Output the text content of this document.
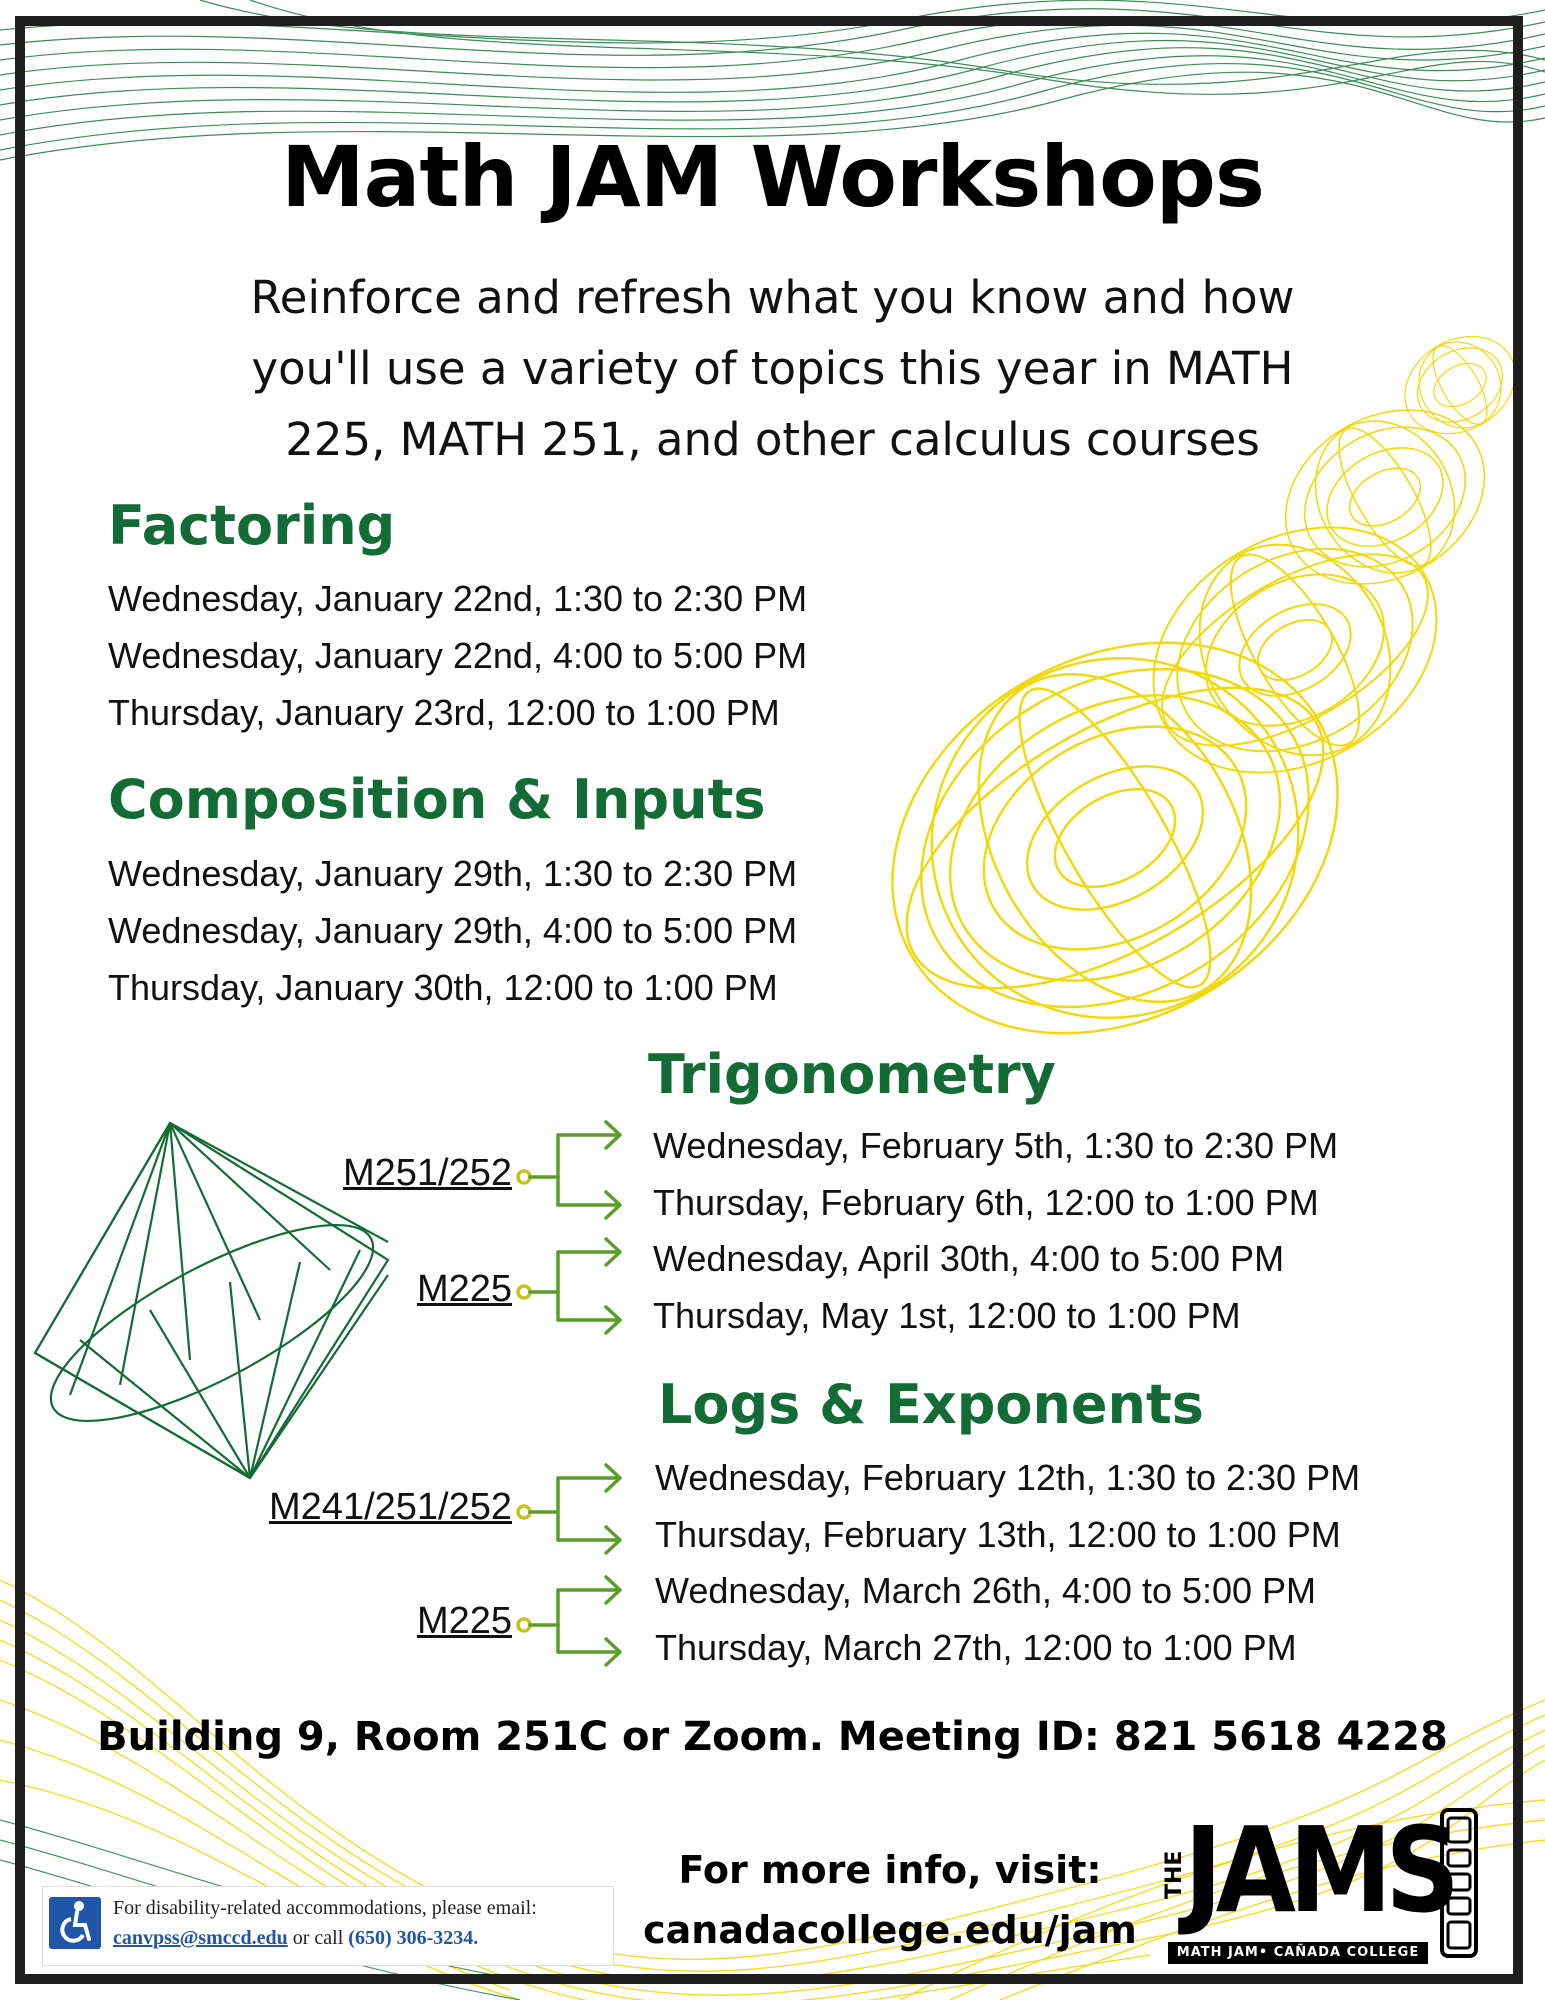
Math JAM Workshops
Reinforce and refresh what you know and how
you'll use a variety of topics this year in MATH
225, MATH 251, and other calculus courses
Factoring
Wednesday, January 22nd, 1:30 to 2:30 PM
Wednesday, January 22nd, 4:00 to 5:00 PM
Thursday, January 23rd, 12:00 to 1:00 PM
Composition & Inputs
Wednesday, January 29th, 1:30 to 2:30 PM
Wednesday, January 29th, 4:00 to 5:00 PM
Thursday, January 30th, 12:00 to 1:00 PM
Trigonometry
M251/252
Wednesday, February 5th, 1:30 to 2:30 PM
Thursday, February 6th, 12:00 to 1:00 PM
M225
Wednesday, April 30th, 4:00 to 5:00 PM
Thursday, May 1st, 12:00 to 1:00 PM
Logs & Exponents
M241/251/252
Wednesday, February 12th, 1:30 to 2:30 PM
Thursday, February 13th, 12:00 to 1:00 PM
M225
Wednesday, March 26th, 4:00 to 5:00 PM
Thursday, March 27th, 12:00 to 1:00 PM
Building 9, Room 251C or Zoom. Meeting ID: 821 5618 4228
For more info, visit:
canadacollege.edu/jam
For disability-related accommodations, please email:
canvpss@smccd.edu or call (650) 306-3234.
THE
JAMS
MATH JAM• CAÑADA COLLEGE
